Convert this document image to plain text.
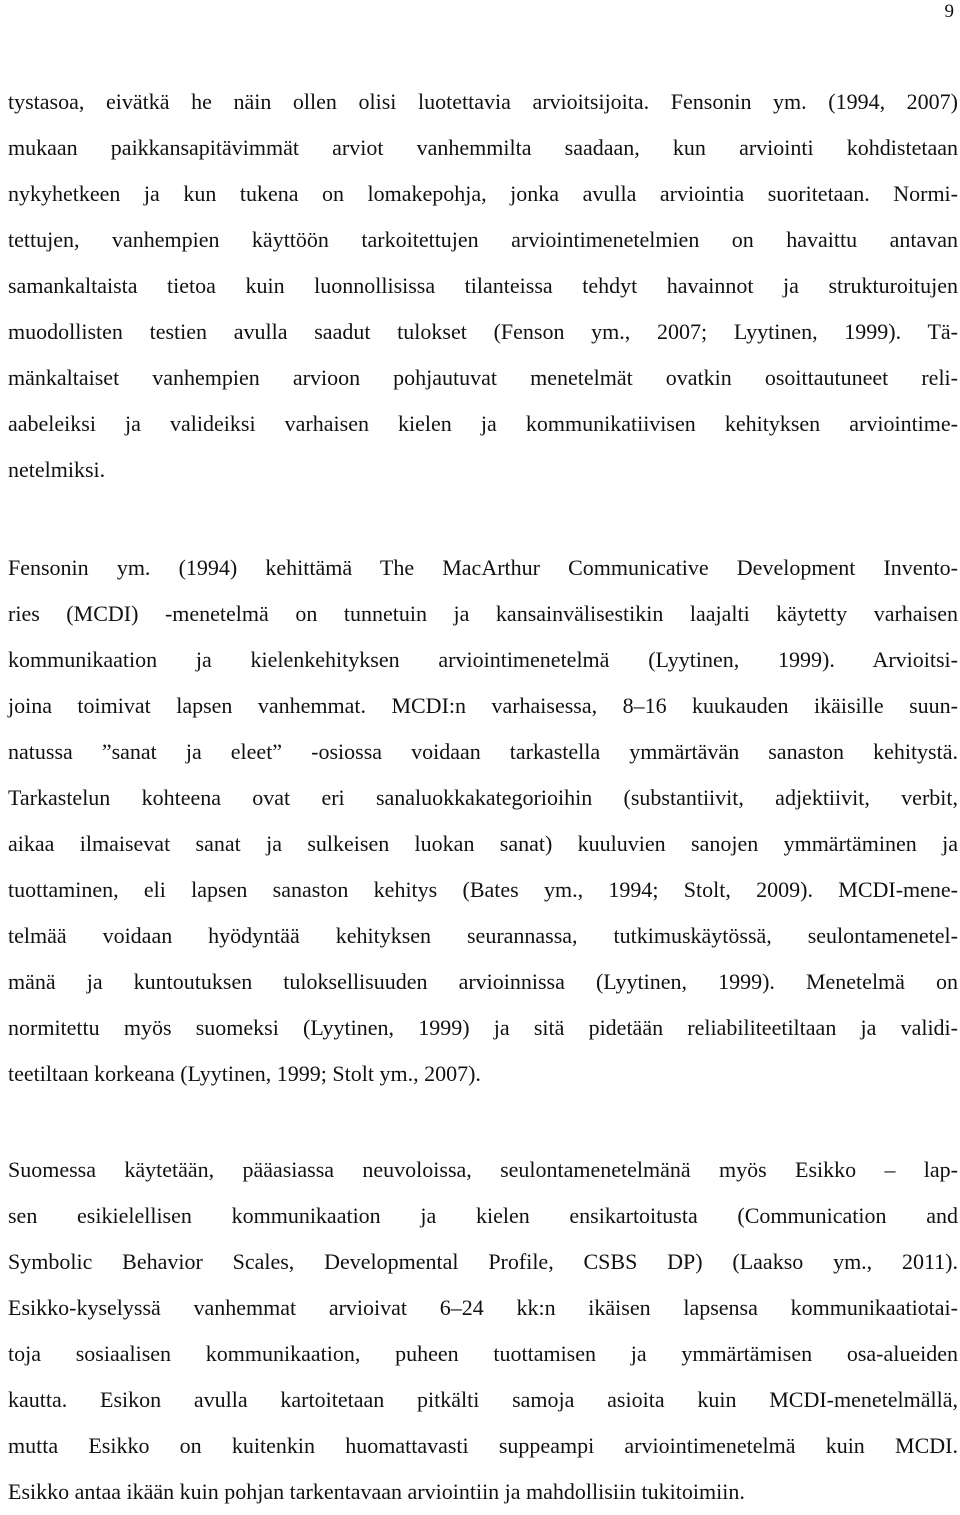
9
tystasoa, eivätkä he näin ollen olisi luotettavia arvioitsijoita. Fensonin ym. (1994, 2007)
mukaan paikkansapitävimmät arviot vanhemmilta saadaan, kun arviointi kohdistetaan
nykyhetkeen ja kun tukena on lomakepohja, jonka avulla arviointia suoritetaan. Normi-
tettujen, vanhempien käyttöön tarkoitettujen arviointimenetelmien on havaittu antavan
samankaltaista tietoa kuin luonnollisissa tilanteissa tehdyt havainnot ja strukturoitujen
muodollisten testien avulla saadut tulokset (Fenson ym., 2007; Lyytinen, 1999). Tä-
mänkaltaiset vanhempien arvioon pohjautuvat menetelmät ovatkin osoittautuneet reli-
aabeleiksi ja valideiksi varhaisen kielen ja kommunikatiivisen kehityksen arviointime-
netelmiksi.
Fensonin ym. (1994) kehittämä The MacArthur Communicative Development Invento-
ries (MCDI) -menetelmä on tunnetuin ja kansainvälisestikin laajalti käytetty varhaisen
kommunikaation ja kielenkehityksen arviointimenetelmä (Lyytinen, 1999). Arvioitsi-
joina toimivat lapsen vanhemmat. MCDI:n varhaisessa, 8–16 kuukauden ikäisille suun-
natussa ”sanat ja eleet” -osiossa voidaan tarkastella ymmärtävän sanaston kehitystä.
Tarkastelun kohteena ovat eri sanaluokkakategorioihin (substantiivit, adjektiivit, verbit,
aikaa ilmaisevat sanat ja sulkeisen luokan sanat) kuuluvien sanojen ymmärtäminen ja
tuottaminen, eli lapsen sanaston kehitys (Bates ym., 1994; Stolt, 2009). MCDI-mene-
telmää voidaan hyödyntää kehityksen seurannassa, tutkimuskäytössä, seulontamenetel-
mänä ja kuntoutuksen tuloksellisuuden arvioinnissa (Lyytinen, 1999). Menetelmä on
normitettu myös suomeksi (Lyytinen, 1999) ja sitä pidetään reliabiliteetiltaan ja validi-
teetiltaan korkeana (Lyytinen, 1999; Stolt ym., 2007).
Suomessa käytetään, pääasiassa neuvoloissa, seulontamenetelmänä myös Esikko – lap-
sen esikielellisen kommunikaation ja kielen ensikartoitusta (Communication and
Symbolic Behavior Scales, Developmental Profile, CSBS DP) (Laakso ym., 2011).
Esikko-kyselyssä vanhemmat arvioivat 6–24 kk:n ikäisen lapsensa kommunikaatiotai-
toja sosiaalisen kommunikaation, puheen tuottamisen ja ymmärtämisen osa-alueiden
kautta. Esikon avulla kartoitetaan pitkälti samoja asioita kuin MCDI-menetelmällä,
mutta Esikko on kuitenkin huomattavasti suppeampi arviointimenetelmä kuin MCDI.
Esikko antaa ikään kuin pohjan tarkentavaan arviointiin ja mahdollisiin tukitoimiin.
